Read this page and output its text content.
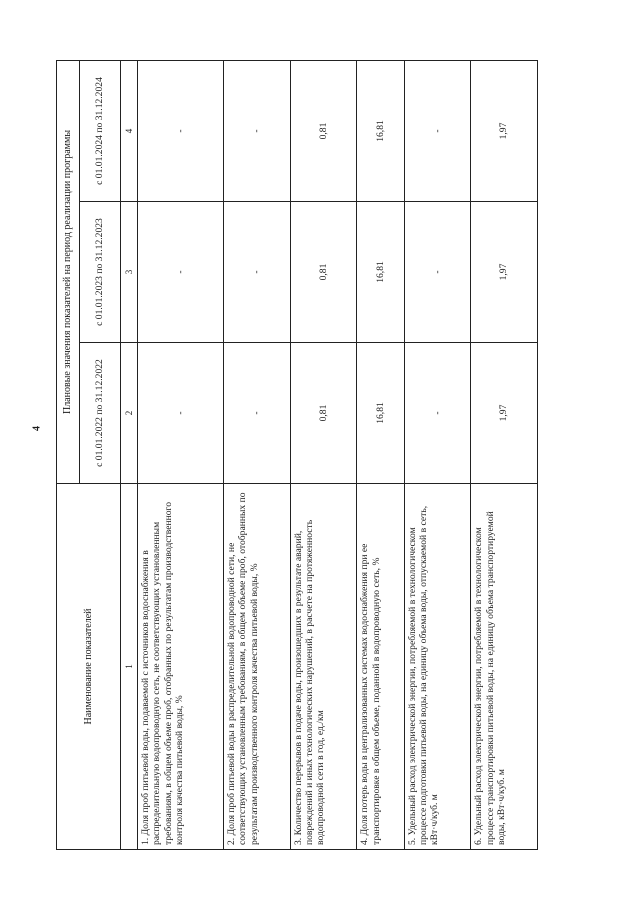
4
Наименование показателей	Плановые значения показателей на период реализации программы		
	с 01.01.2022 по 31.12.2022	с 01.01.2023 по 31.12.2023	с 01.01.2024 по 31.12.2024
1	2	3	4
1. Доля проб питьевой воды, подаваемой с источников водоснабжения в распределительную водопроводную сеть, не соответствующих установленным требованиям, в общем объеме проб, отобранных по результатам производственного контроля качества питьевой воды, %	-	-	-
2. Доля проб питьевой воды в распределительной водопроводной сети, не соответствующих установленным требованиям, в общем объеме проб, отобранных по результатам производственного контроля качества питьевой воды, %	-	-	-
3. Количество перерывов в подаче воды, произошедших в результате аварий, повреждений и иных технологических нарушений, в расчете на протяженность водопроводной сети в год, ед./км	0,81	0,81	0,81
4. Доля потерь воды в централизованных системах водоснабжения при ее транспортировке в общем объеме, поданной в водопроводную сеть, %	16,81	16,81	16,81
5. Удельный расход электрической энергии, потребляемой в технологическом процессе подготовки питьевой воды, на единицу объема воды, отпускаемой в сеть, кВт·ч/куб. м	-	-	-
6. Удельный расход электрической энергии, потребляемой в технологическом процессе транспортировки питьевой воды, на единицу объема транспортируемой воды, кВт·ч/куб. м	1,97	1,97	1,97
